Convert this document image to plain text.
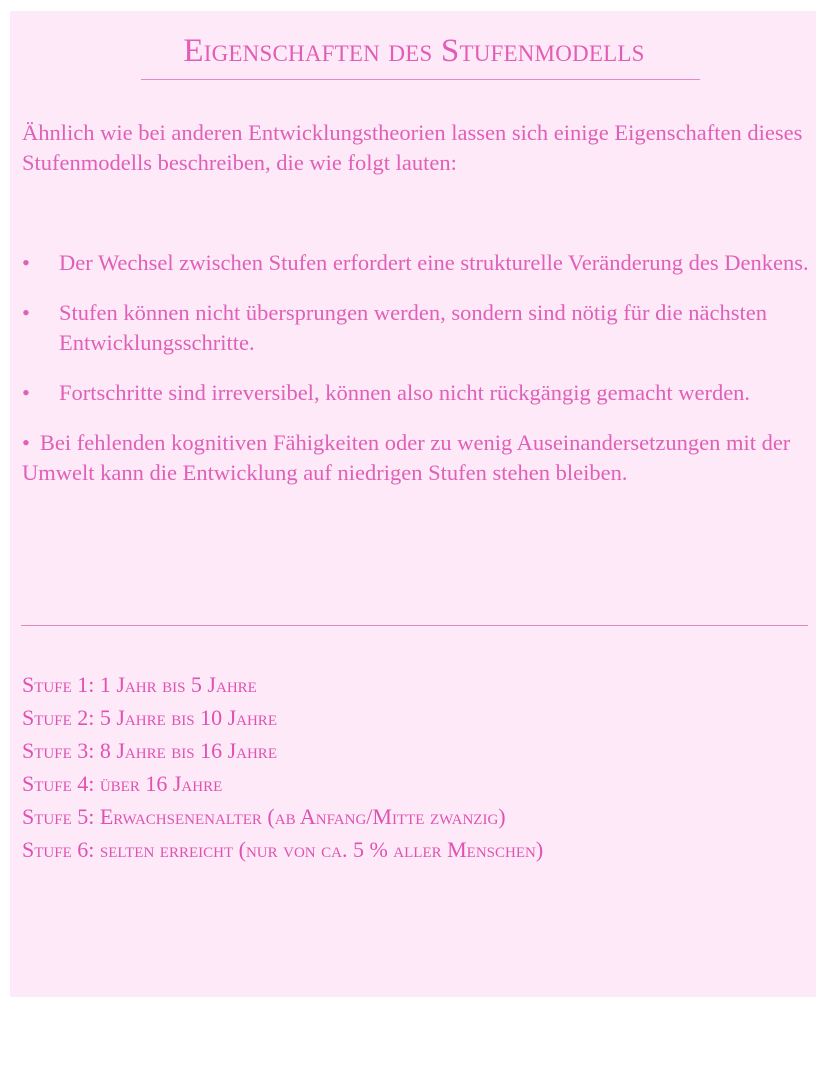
Eigenschaften des Stufenmodells

Ähnlich wie bei anderen Entwicklungstheorien lassen sich einige Eigenschaften dieses Stufenmodells beschreiben, die wie folgt lauten:

•	Der Wechsel zwischen Stufen erfordert eine strukturelle Veränderung des Denkens.
•	Stufen können nicht übersprungen werden, sondern sind nötig für die nächsten Entwicklungsschritte.
•	Fortschritte sind irreversibel, können also nicht rückgängig gemacht werden.
• Bei fehlenden kognitiven Fähigkeiten oder zu wenig Auseinandersetzungen mit der Umwelt kann die Entwicklung auf niedrigen Stufen stehen bleiben.
Stufe 1: 1 Jahr bis 5 Jahre
Stufe 2: 5 Jahre bis 10 Jahre
Stufe 3: 8 Jahre bis 16 Jahre
Stufe 4: über 16 Jahre
Stufe 5: Erwachsenenalter (ab Anfang/Mitte zwanzig)
Stufe 6: selten erreicht (nur von ca. 5 % aller Menschen)
